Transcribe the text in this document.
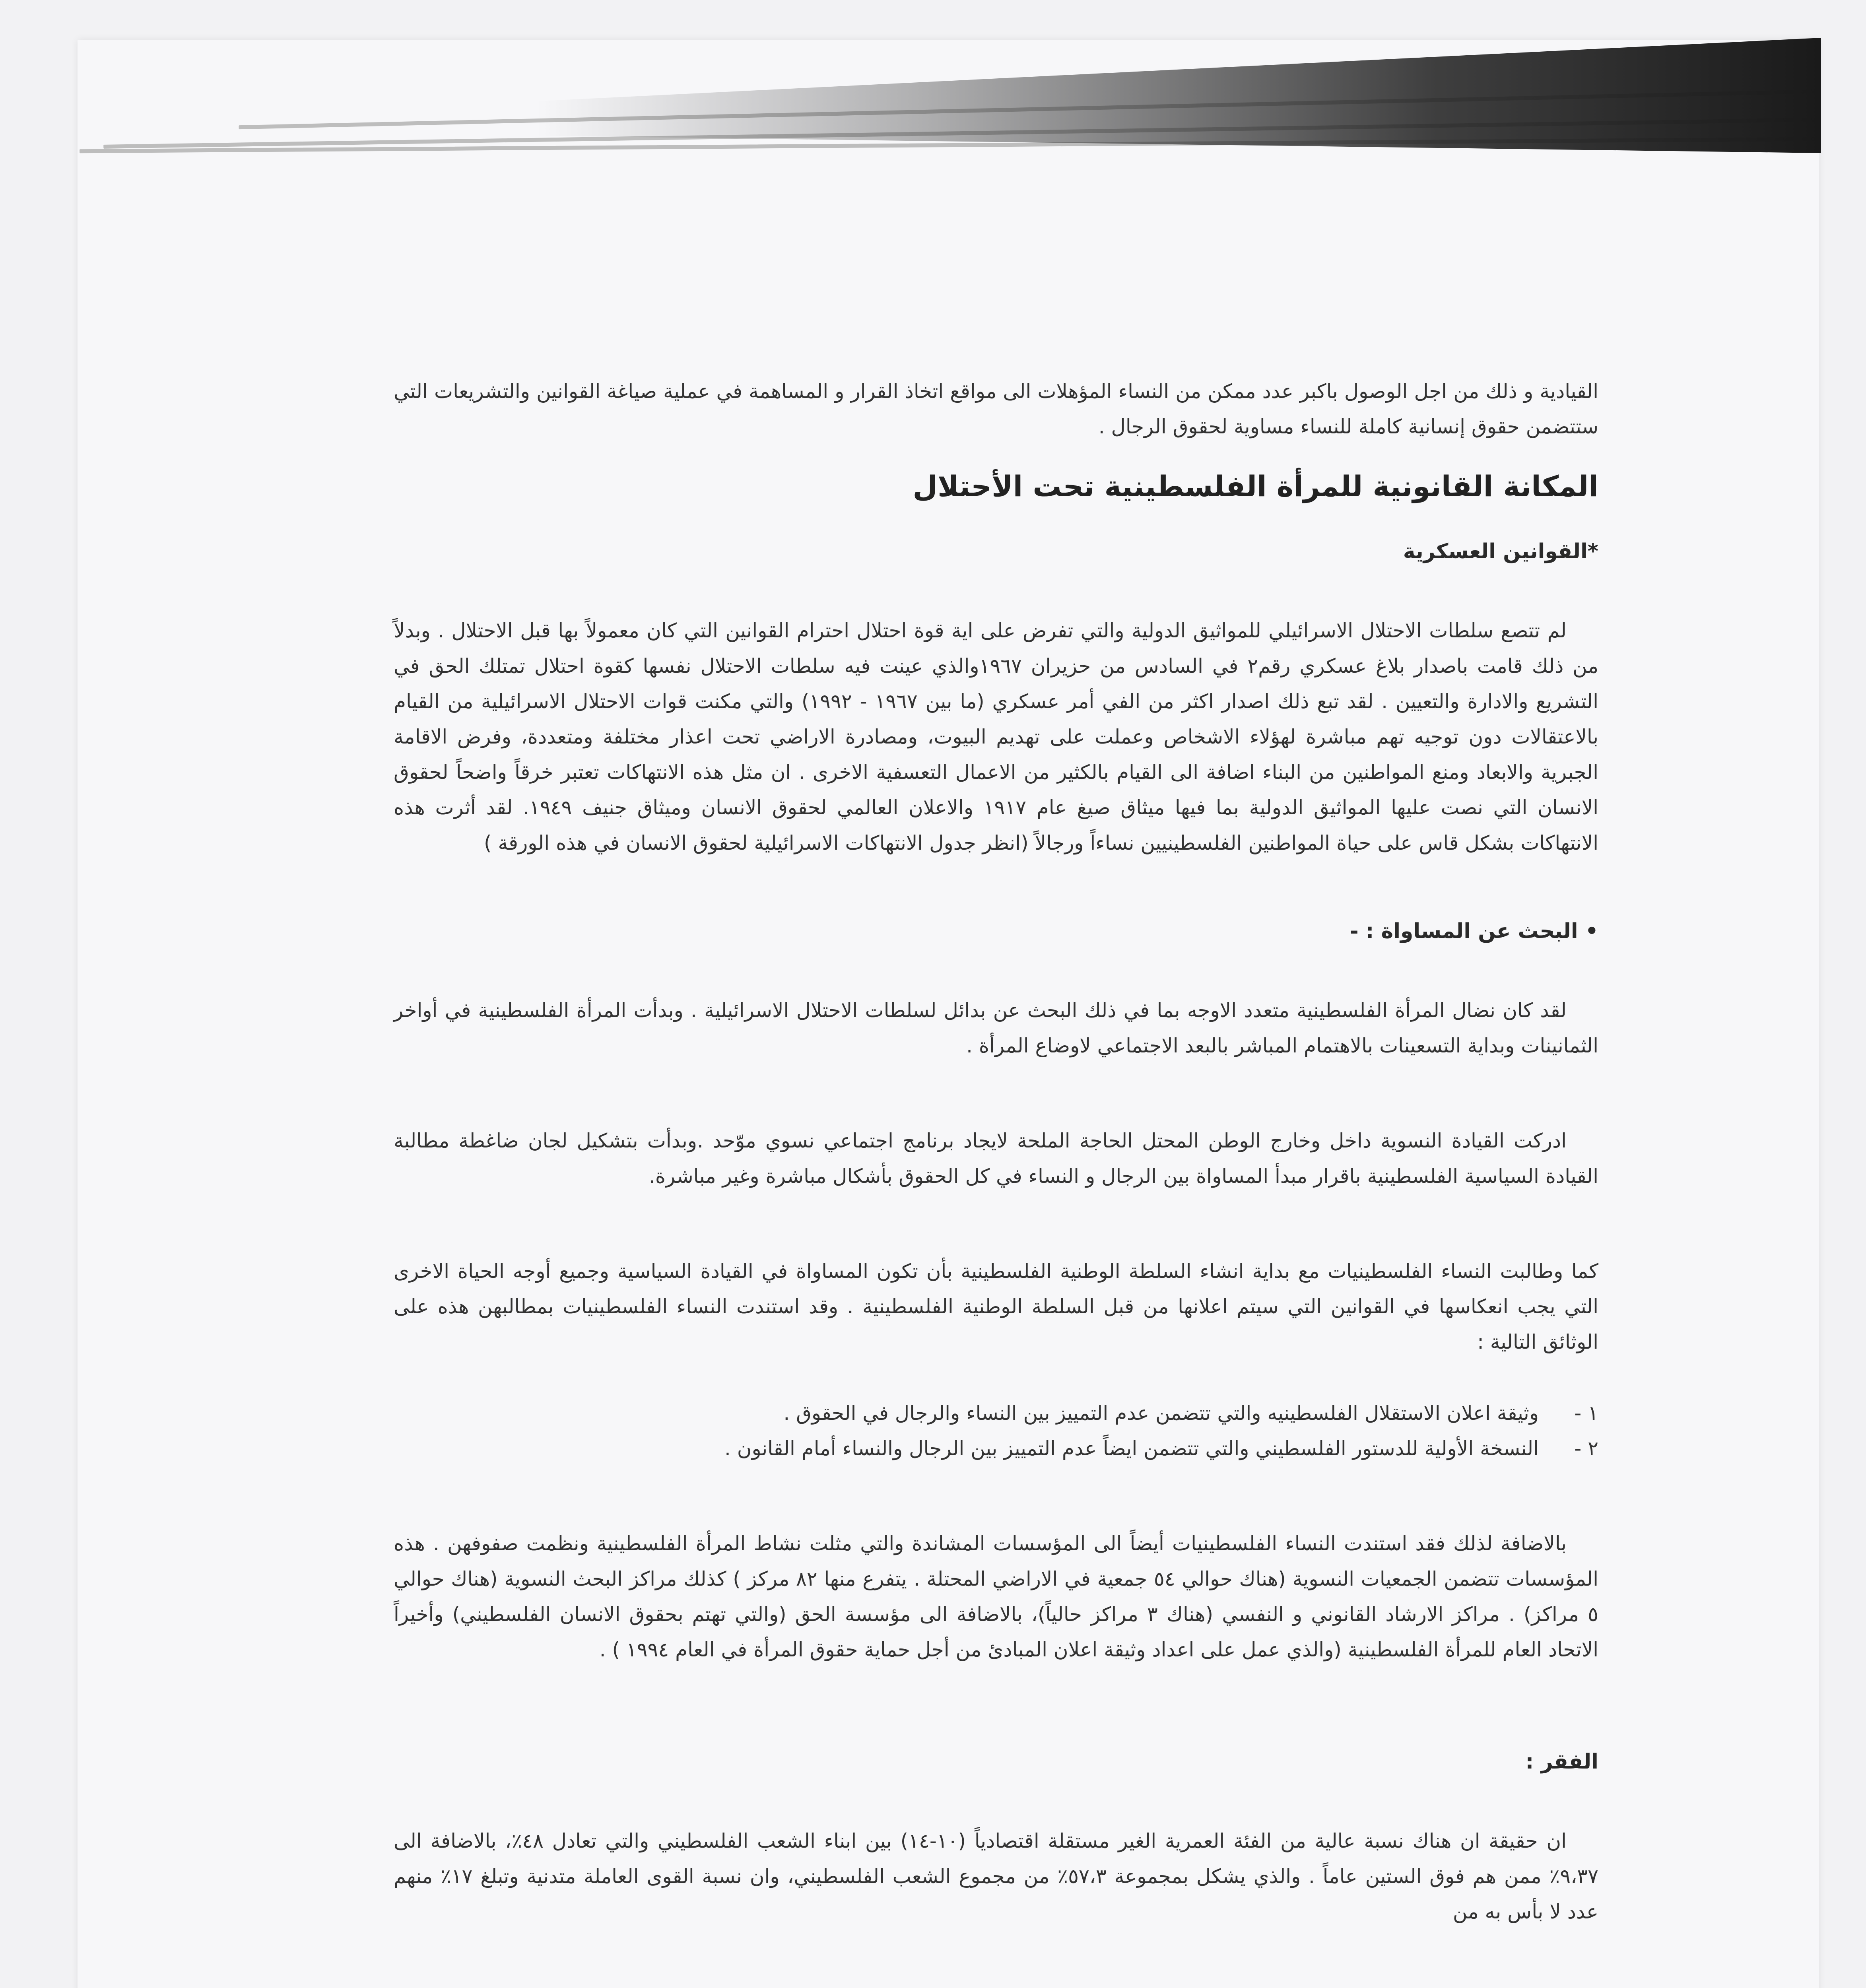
القيادية و ذلك من اجل الوصول باكبر عدد ممكن من النساء المؤهلات الى مواقع اتخاذ القرار و المساهمة في عملية صياغة القوانين والتشريعات التي ستتضمن حقوق إنسانية كاملة للنساء مساوية لحقوق الرجال .

المكانة القانونية للمرأة الفلسطينية تحت الأحتلال
*القوانين العسكرية

لم تتصع سلطات الاحتلال الاسرائيلي للمواثيق الدولية والتي تفرض على اية قوة احتلال احترام القوانين التي كان معمولاً بها قبل الاحتلال . وبدلاً من ذلك قامت باصدار بلاغ عسكري رقم٢ في السادس من حزيران ١٩٦٧والذي عينت فيه سلطات الاحتلال نفسها كقوة احتلال تمتلك الحق في التشريع والادارة والتعيين . لقد تبع ذلك اصدار اكثر من الفي أمر عسكري (ما بين ١٩٦٧ - ١٩٩٢) والتي مكنت قوات الاحتلال الاسرائيلية من القيام بالاعتقالات دون توجيه تهم مباشرة لهؤلاء الاشخاص وعملت على تهديم البيوت، ومصادرة الاراضي تحت اعذار مختلفة ومتعددة، وفرض الاقامة الجبرية والابعاد ومنع المواطنين من البناء اضافة الى القيام بالكثير من الاعمال التعسفية الاخرى . ان مثل هذه الانتهاكات تعتبر خرقاً واضحاً لحقوق الانسان التي نصت عليها المواثيق الدولية بما فيها ميثاق صيغ عام ١٩١٧ والاعلان العالمي لحقوق الانسان وميثاق جنيف ١٩٤٩. لقد أثرت هذه الانتهاكات بشكل قاس على حياة المواطنين الفلسطينيين نساءاً ورجالاً (انظر جدول الانتهاكات الاسرائيلية لحقوق الانسان في هذه الورقة )

• البحث عن المساواة : -

لقد كان نضال المرأة الفلسطينية متعدد الاوجه بما في ذلك البحث عن بدائل لسلطات الاحتلال الاسرائيلية . وبدأت المرأة الفلسطينية في أواخر الثمانينات وبداية التسعينات بالاهتمام المباشر بالبعد الاجتماعي لاوضاع المرأة .

ادركت القيادة النسوية داخل وخارج الوطن المحتل الحاجة الملحة لايجاد برنامج اجتماعي نسوي موّحد .وبدأت بتشكيل لجان ضاغطة مطالبة القيادة السياسية الفلسطينية باقرار مبدأ المساواة بين الرجال و النساء في كل الحقوق بأشكال مباشرة وغير مباشرة.

كما وطالبت النساء الفلسطينيات مع بداية انشاء السلطة الوطنية الفلسطينية بأن تكون المساواة في القيادة السياسية وجميع أوجه الحياة الاخرى التي يجب انعكاسها في القوانين التي سيتم اعلانها من قبل السلطة الوطنية الفلسطينية . وقد استندت النساء الفلسطينيات بمطالبهن هذه على الوثائق التالية :

١ -
وثيقة اعلان الاستقلال الفلسطينيه والتي تتضمن عدم التمييز بين النساء والرجال في الحقوق .
٢ -
النسخة الأولية للدستور الفلسطيني والتي تتضمن ايضاً عدم التمييز بين الرجال والنساء أمام القانون .

بالاضافة لذلك فقد استندت النساء الفلسطينيات أيضاً الى المؤسسات المشاندة والتي مثلت نشاط المرأة الفلسطينية ونظمت صفوفهن . هذه المؤسسات تتضمن الجمعيات النسوية (هناك حوالي ٥٤ جمعية في الاراضي المحتلة . يتفرع منها ٨٢ مركز ) كذلك مراكز البحث النسوية (هناك حوالي ٥ مراكز) . مراكز الارشاد القانوني و النفسي (هناك ٣ مراكز حالياً)، بالاضافة الى مؤسسة الحق (والتي تهتم بحقوق الانسان الفلسطيني) وأخيراً الاتحاد العام للمرأة الفلسطينية (والذي عمل على اعداد وثيقة اعلان المبادئ من أجل حماية حقوق المرأة في العام ١٩٩٤ ) .

الفقر :

ان حقيقة ان هناك نسبة عالية من الفئة العمرية الغير مستقلة اقتصادياً (١٠-١٤) بين ابناء الشعب الفلسطيني والتي تعادل ٤٨٪، بالاضافة الى ٩،٣٧٪ ممن هم فوق الستين عاماً . والذي يشكل بمجموعة ٥٧،٣٪ من مجموع الشعب الفلسطيني، وان نسبة القوى العاملة متدنية وتبلغ ١٧٪ منهم عدد لا بأس به من
